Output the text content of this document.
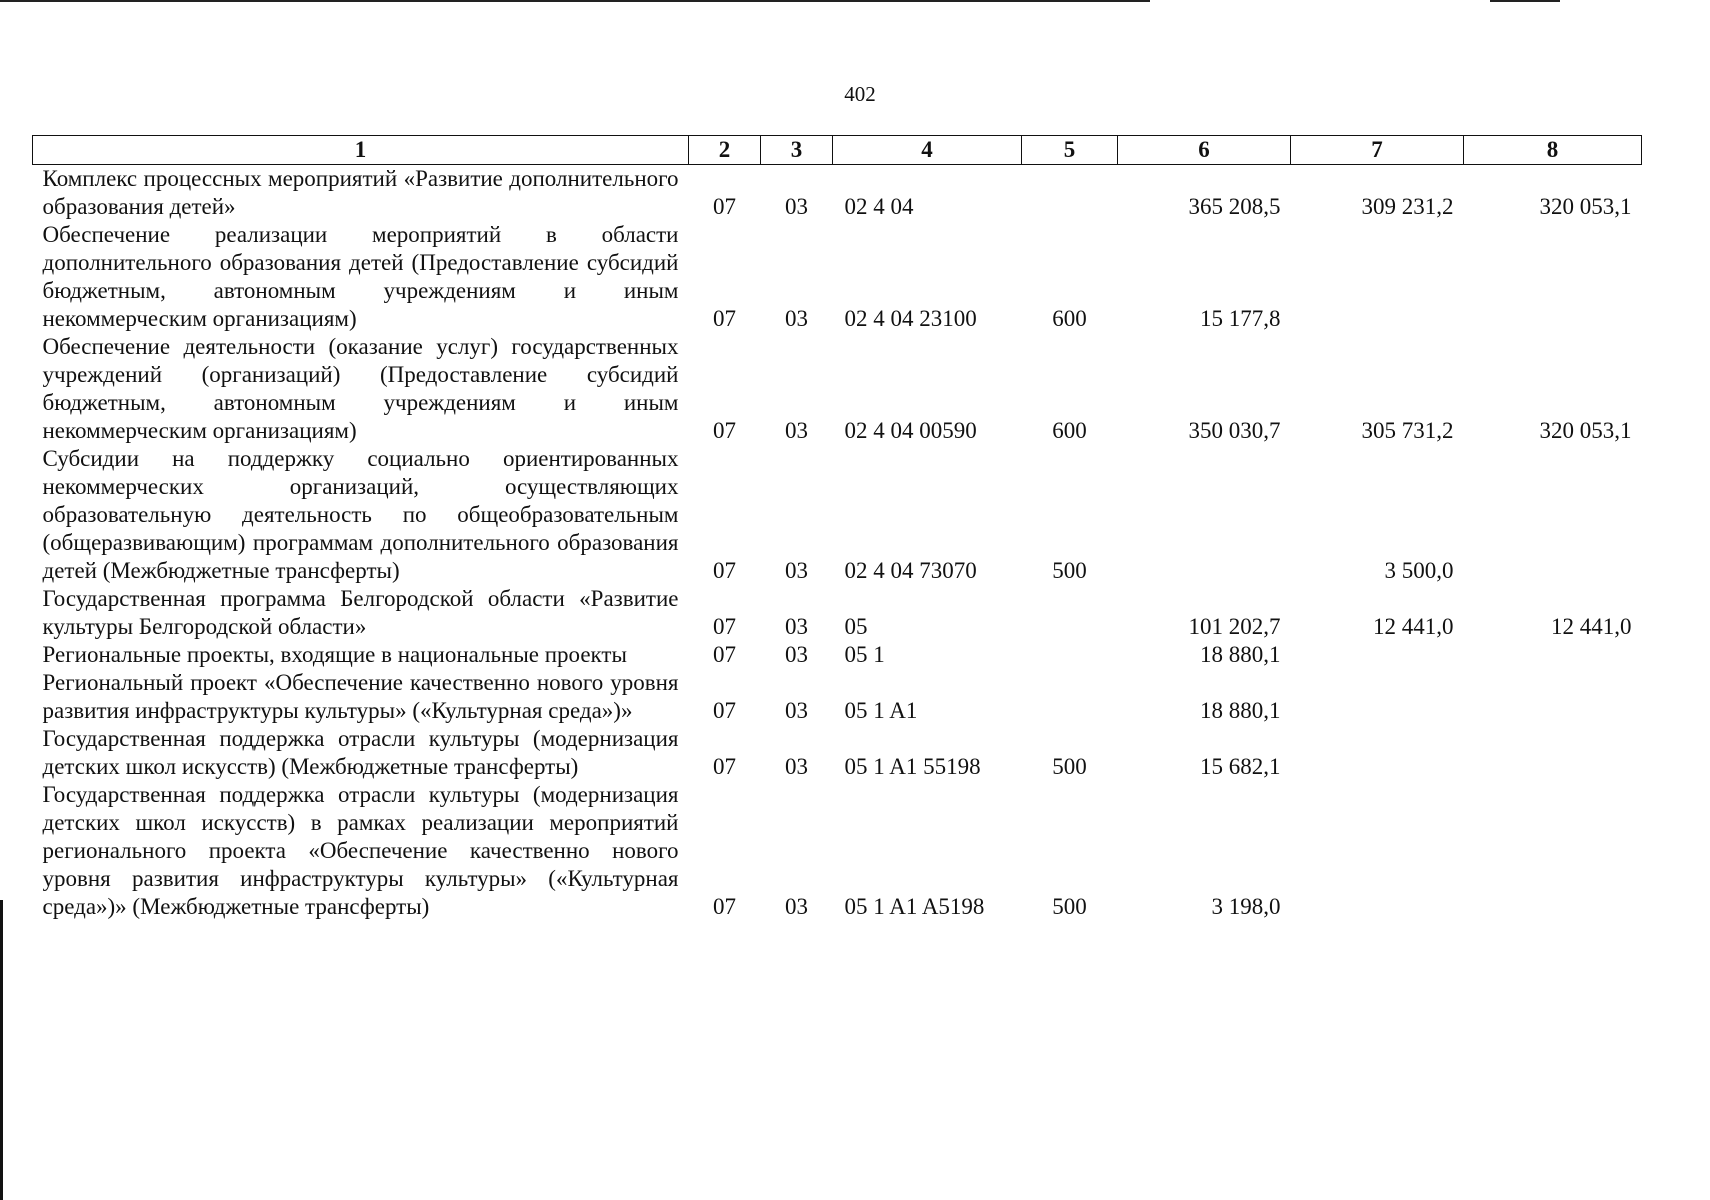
402
1	2	3	4	5	6	7	8
Комплекс процессных мероприятий «Развитие дополнительного образования детей»	07	03	02 4 04		365 208,5	309 231,2	320 053,1
Обеспечение реализации мероприятий в области дополнительного образования детей (Предоставление субсидий бюджетным, автономным учреждениям и иным некоммерческим организациям)	07	03	02 4 04 23100	600	15 177,8		
Обеспечение деятельности (оказание услуг) государственных учреждений (организаций) (Предоставление субсидий бюджетным, автономным учреждениям и иным некоммерческим организациям)	07	03	02 4 04 00590	600	350 030,7	305 731,2	320 053,1
Субсидии на поддержку социально ориентированных некоммерческих организаций, осуществляющих образовательную деятельность по общеобразовательным (общеразвивающим) программам дополнительного образования детей (Межбюджетные трансферты)	07	03	02 4 04 73070	500		3 500,0	
Государственная программа Белгородской области «Развитие культуры Белгородской области»	07	03	05		101 202,7	12 441,0	12 441,0
Региональные проекты, входящие в национальные проекты	07	03	05 1		18 880,1		
Региональный проект «Обеспечение качественно нового уровня развития инфраструктуры культуры» («Культурная среда»)»	07	03	05 1 A1		18 880,1		
Государственная поддержка отрасли культуры (модернизация детских школ искусств) (Межбюджетные трансферты)	07	03	05 1 A1 55198	500	15 682,1		
Государственная поддержка отрасли культуры (модернизация детских школ искусств) в рамках реализации мероприятий регионального проекта «Обеспечение качественно нового уровня развития инфраструктуры культуры» («Культурная среда»)» (Межбюджетные трансферты)	07	03	05 1 A1 A5198	500	3 198,0		
